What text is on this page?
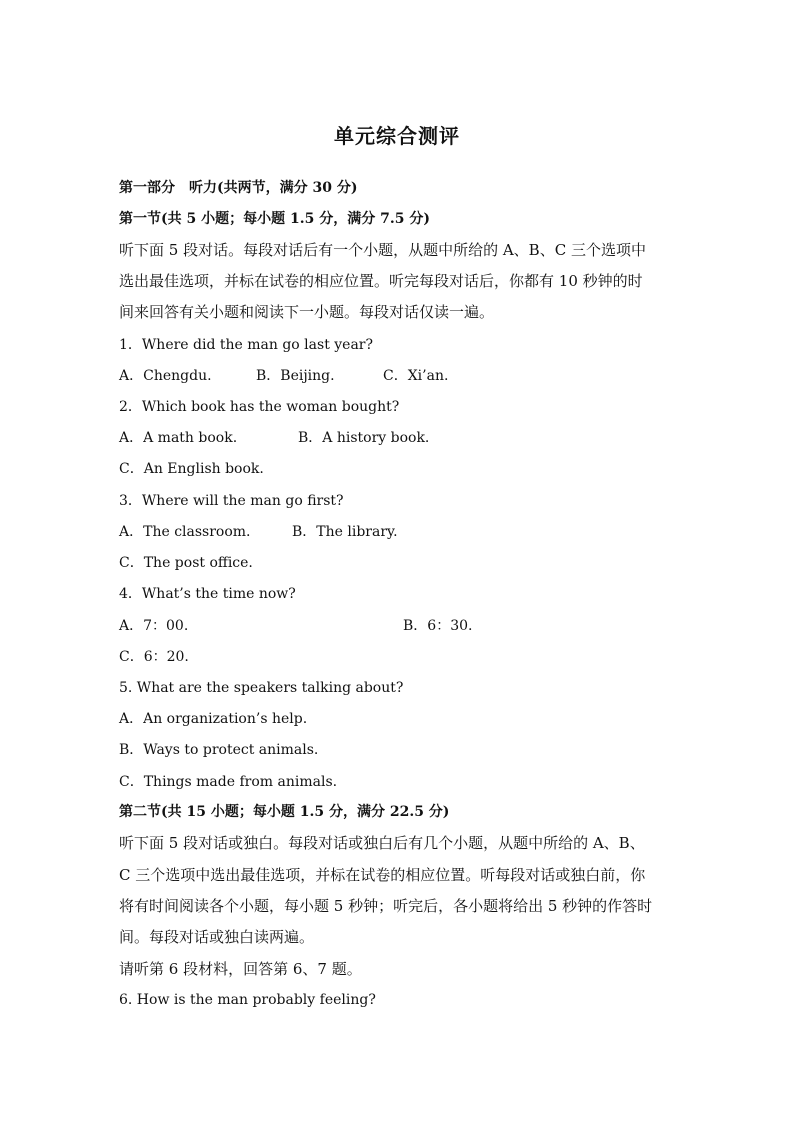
单元综合测评
第一部分　听力(共两节，满分 30 分)
第一节(共 5 小题；每小题 1.5 分，满分 7.5 分)
听下面 5 段对话。每段对话后有一个小题，从题中所给的 A、B、C 三个选项中
选出最佳选项，并标在试卷的相应位置。听完每段对话后，你都有 10 秒钟的时
间来回答有关小题和阅读下一小题。每段对话仅读一遍。
1．Where did the man go last year?
A．Chengdu.	B．Beijing.	C．Xi’an.
2．Which book has the woman bought?
A．A math book.	B．A history book.
C．An English book.
3．Where will the man go first?
A．The classroom.	B．The library.
C．The post office.
4．What’s the time now?
A．7：00.	B．6：30.
C．6：20.
5. What are the speakers talking about?
A．An organization’s help.
B．Ways to protect animals.
C．Things made from animals.
第二节(共 15 小题；每小题 1.5 分，满分 22.5 分)
听下面 5 段对话或独白。每段对话或独白后有几个小题，从题中所给的 A、B、
C 三个选项中选出最佳选项，并标在试卷的相应位置。听每段对话或独白前，你
将有时间阅读各个小题，每小题 5 秒钟；听完后，各小题将给出 5 秒钟的作答时
间。每段对话或独白读两遍。
请听第 6 段材料，回答第 6、7 题。
6. How is the man probably feeling?
